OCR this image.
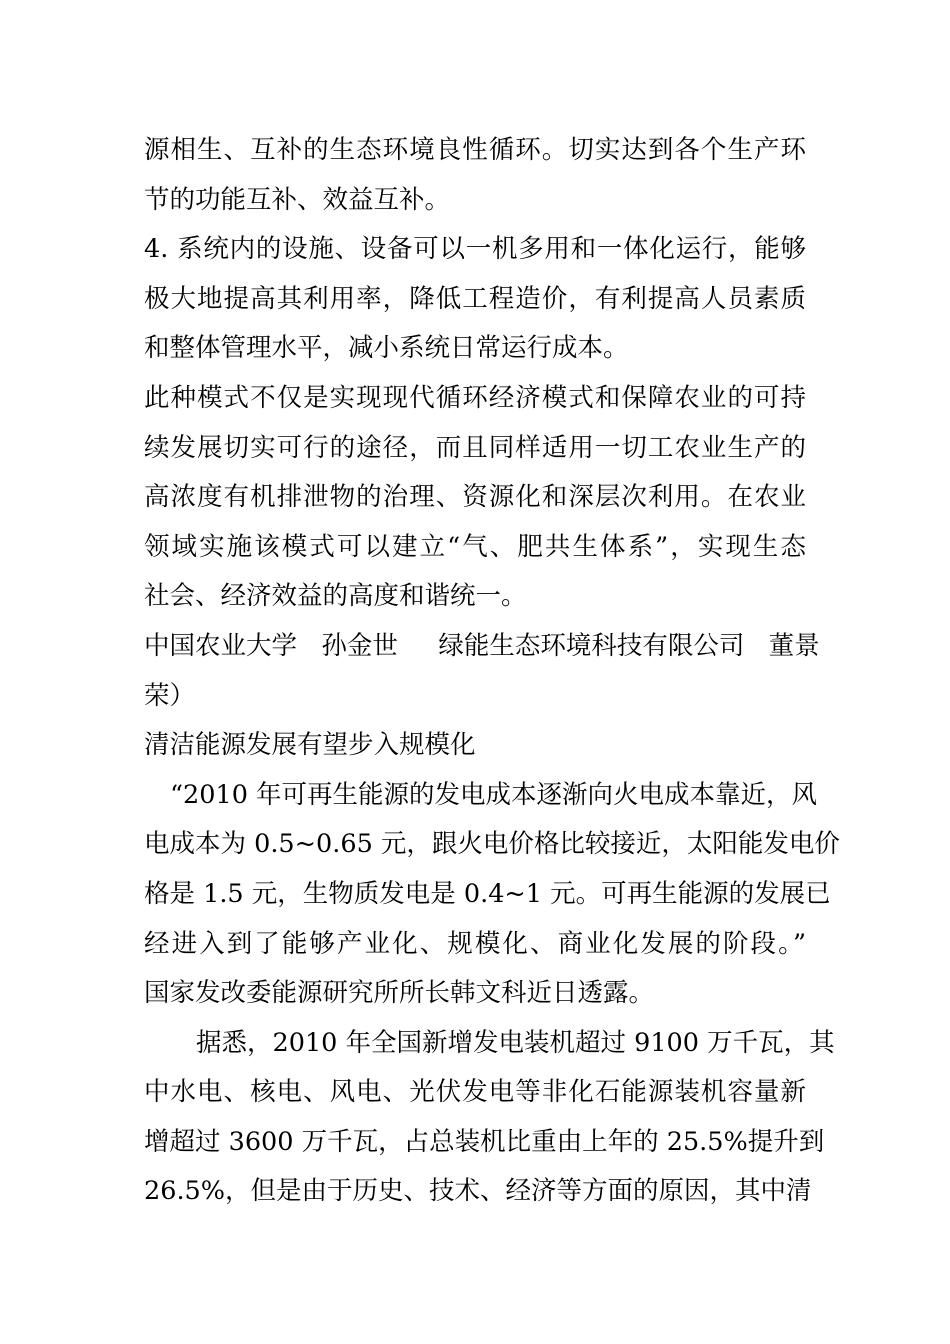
源相生、互补的生态环境良性循环。切实达到各个生产环
节的功能互补、效益互补。
4. 系统内的设施、设备可以一机多用和一体化运行，能够
极大地提高其利用率，降低工程造价，有利提高人员素质
和整体管理水平，减小系统日常运行成本。
此种模式不仅是实现现代循环经济模式和保障农业的可持
续发展切实可行的途径，而且同样适用一切工农业生产的
高浓度有机排泄物的治理、资源化和深层次利用。在农业
领域实施该模式可以建立“气、肥共生体系”，实现生态
社会、经济效益的高度和谐统一。
中国农业大学   孙金世     绿能生态环境科技有限公司   董景
荣）
清洁能源发展有望步入规模化
“2010 年可再生能源的发电成本逐渐向火电成本靠近，风
电成本为 0.5~0.65 元，跟火电价格比较接近，太阳能发电价
格是 1.5 元，生物质发电是 0.4~1 元。可再生能源的发展已
经进入到了能够产业化、规模化、商业化发展的阶段。”
国家发改委能源研究所所长韩文科近日透露。
据悉，2010 年全国新增发电装机超过 9100 万千瓦，其
中水电、核电、风电、光伏发电等非化石能源装机容量新
增超过 3600 万千瓦，占总装机比重由上年的 25.5%提升到
26.5%，但是由于历史、技术、经济等方面的原因，其中清
